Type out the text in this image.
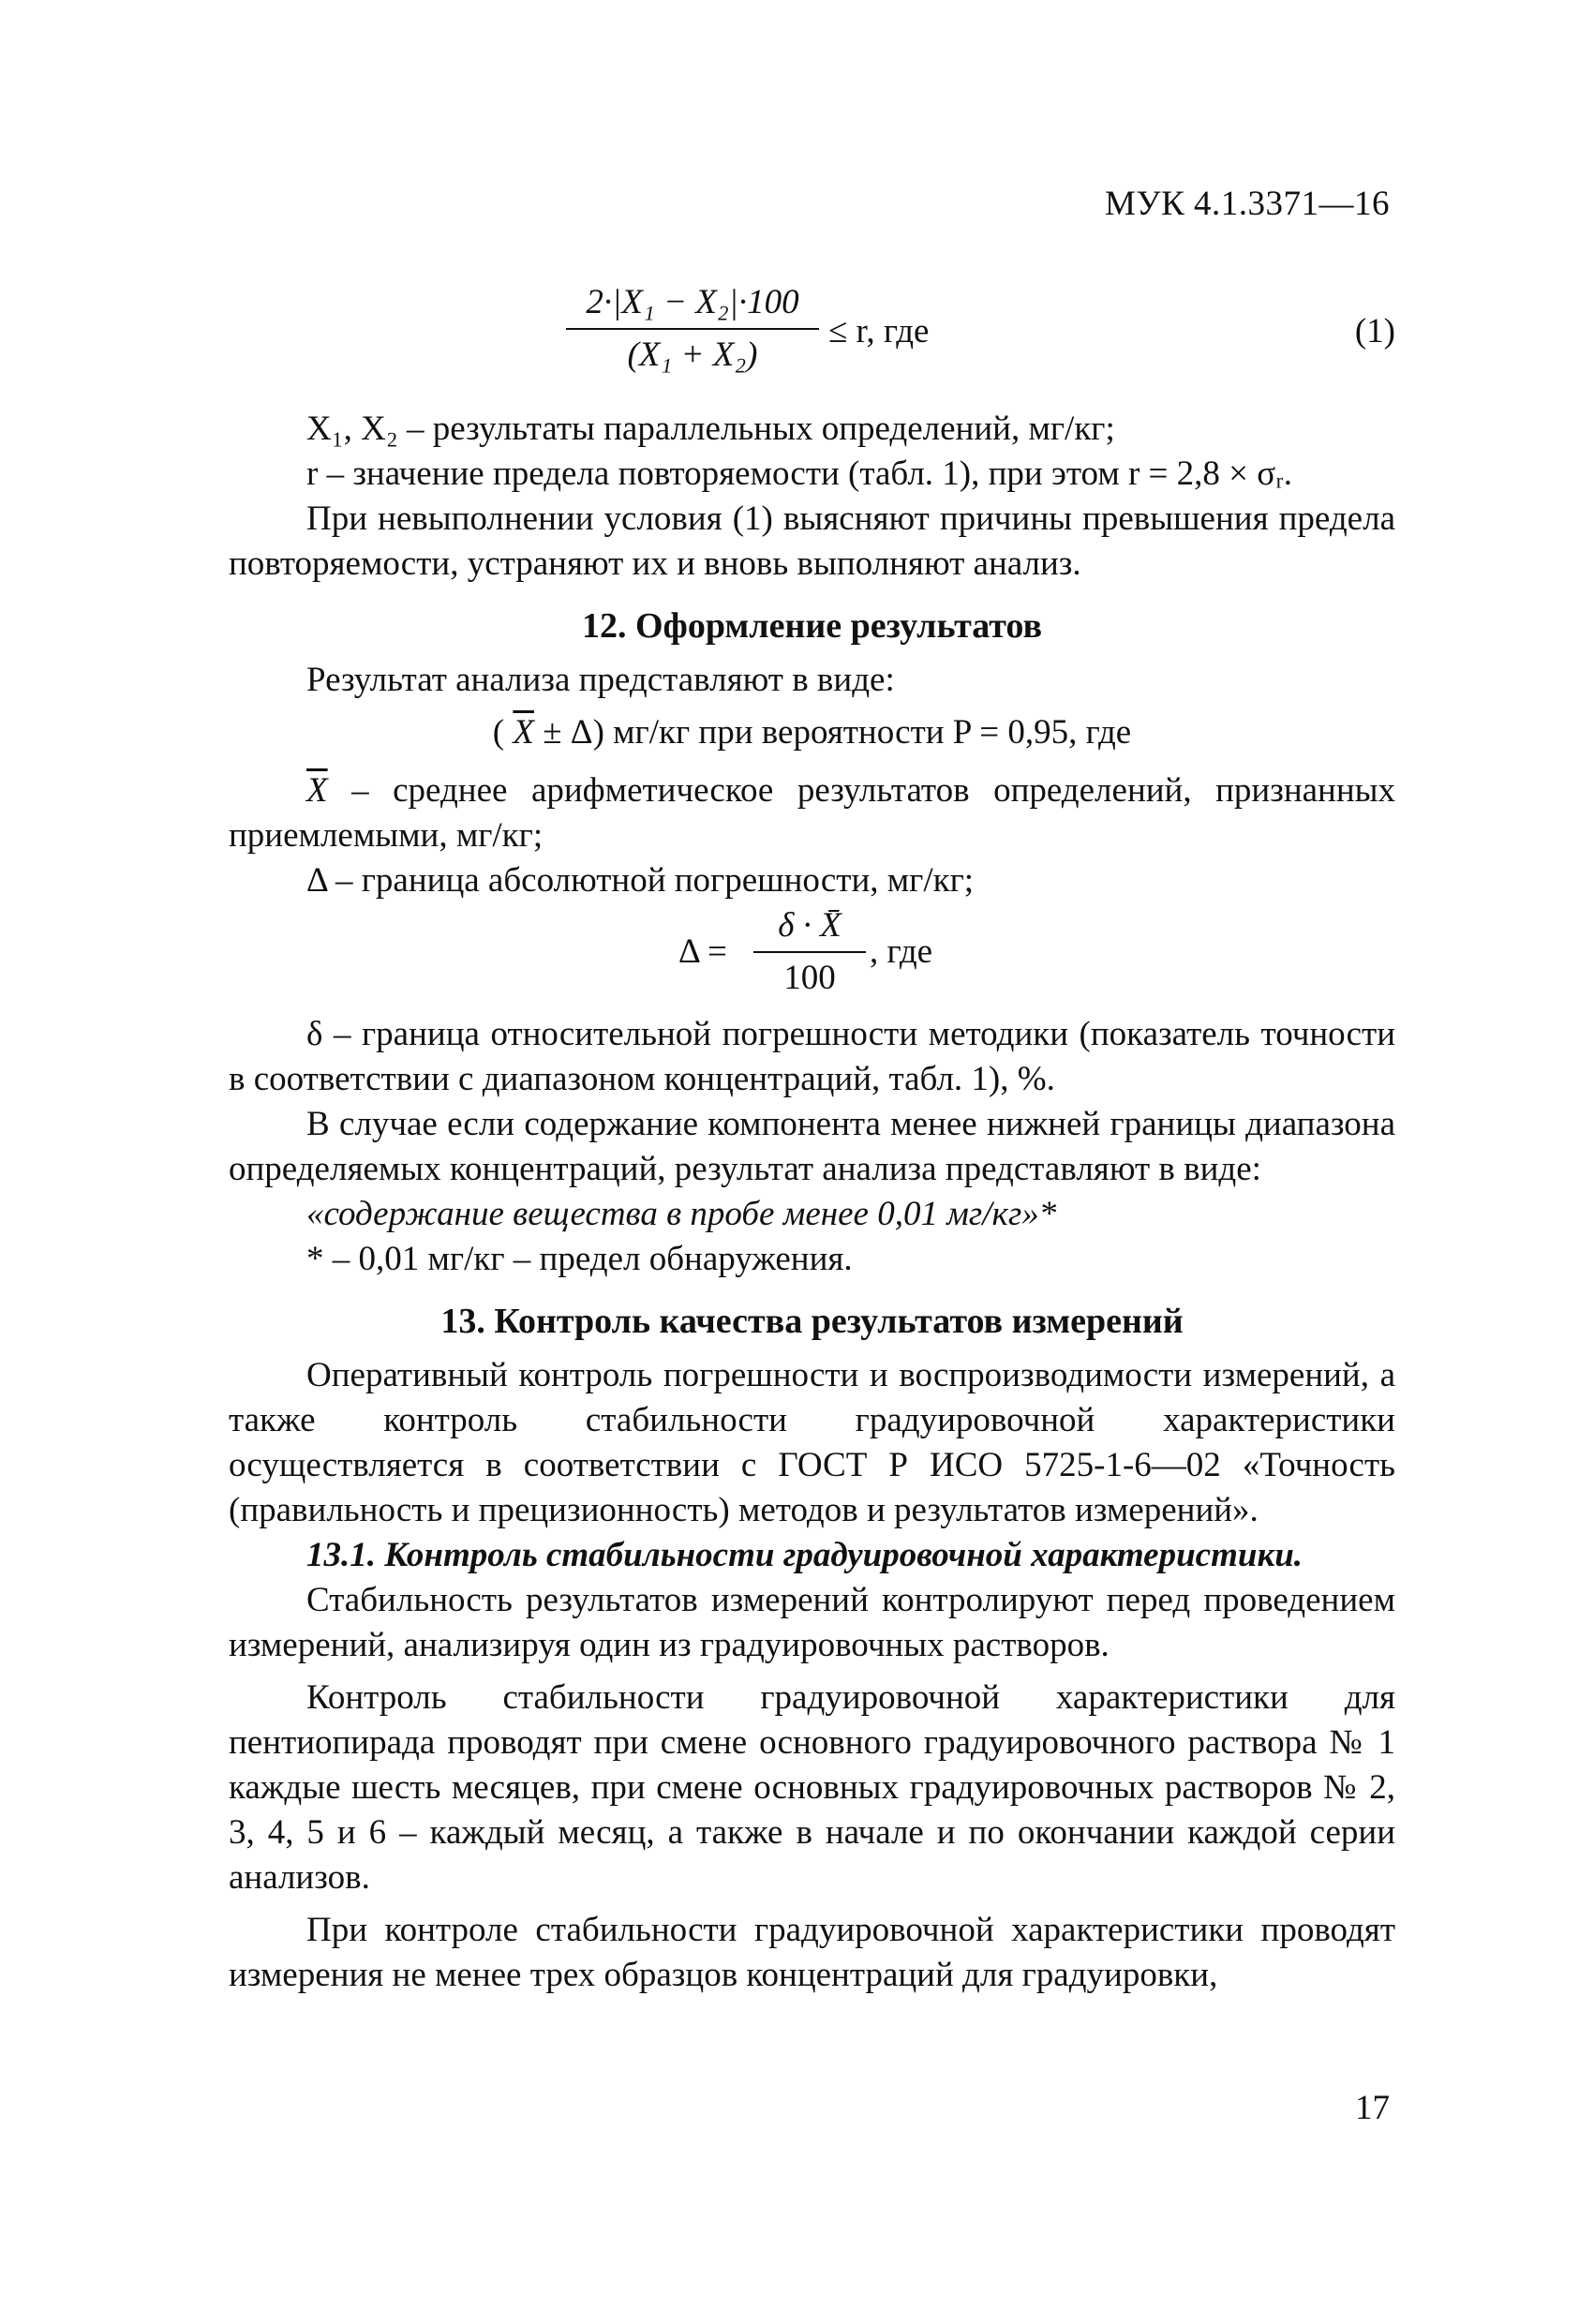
МУК 4.1.3371—16
2·|X₁ − X₂|·100
(X₁ + X₂)
≤ r, где	(1)

X₁, X₂ – результаты параллельных определений, мг/кг;

r – значение предела повторяемости (табл. 1), при этом r = 2,8 × σᵣ.

При невыполнении условия (1) выясняют причины превышения предела повторяемости, устраняют их и вновь выполняют анализ.

12. Оформление результатов

Результат анализа представляют в виде:

( $\overline{X} \pm \Delta$) мг/кг при вероятности P = 0,95, где

$\overline{X}$ – среднее арифметическое результатов определений, признанных приемлемыми, мг/кг;

Δ – граница абсолютной погрешности, мг/кг;

Δ =
δ · X̄
100
, где

δ – граница относительной погрешности методики (показатель точности в соответствии с диапазоном концентраций, табл. 1), %.

В случае если содержание компонента менее нижней границы диапазона определяемых концентраций, результат анализа представляют в виде:

«содержание вещества в пробе менее 0,01 мг/кг»*

* – 0,01 мг/кг – предел обнаружения.

13. Контроль качества результатов измерений

Оперативный контроль погрешности и воспроизводимости измерений, а также контроль стабильности градуировочной характеристики осуществляется в соответствии с ГОСТ Р ИСО 5725-1-6—02 «Точность (правильность и прецизионность) методов и результатов измерений».

13.1. Контроль стабильности градуировочной характеристики.

Стабильность результатов измерений контролируют перед проведением измерений, анализируя один из градуировочных растворов.

Контроль стабильности градуировочной характеристики для пентиопирада проводят при смене основного градуировочного раствора № 1 каждые шесть месяцев, при смене основных градуировочных растворов № 2, 3, 4, 5 и 6 – каждый месяц, а также в начале и по окончании каждой серии анализов.

При контроле стабильности градуировочной характеристики проводят измерения не менее трех образцов концентраций для градуировки,

17
